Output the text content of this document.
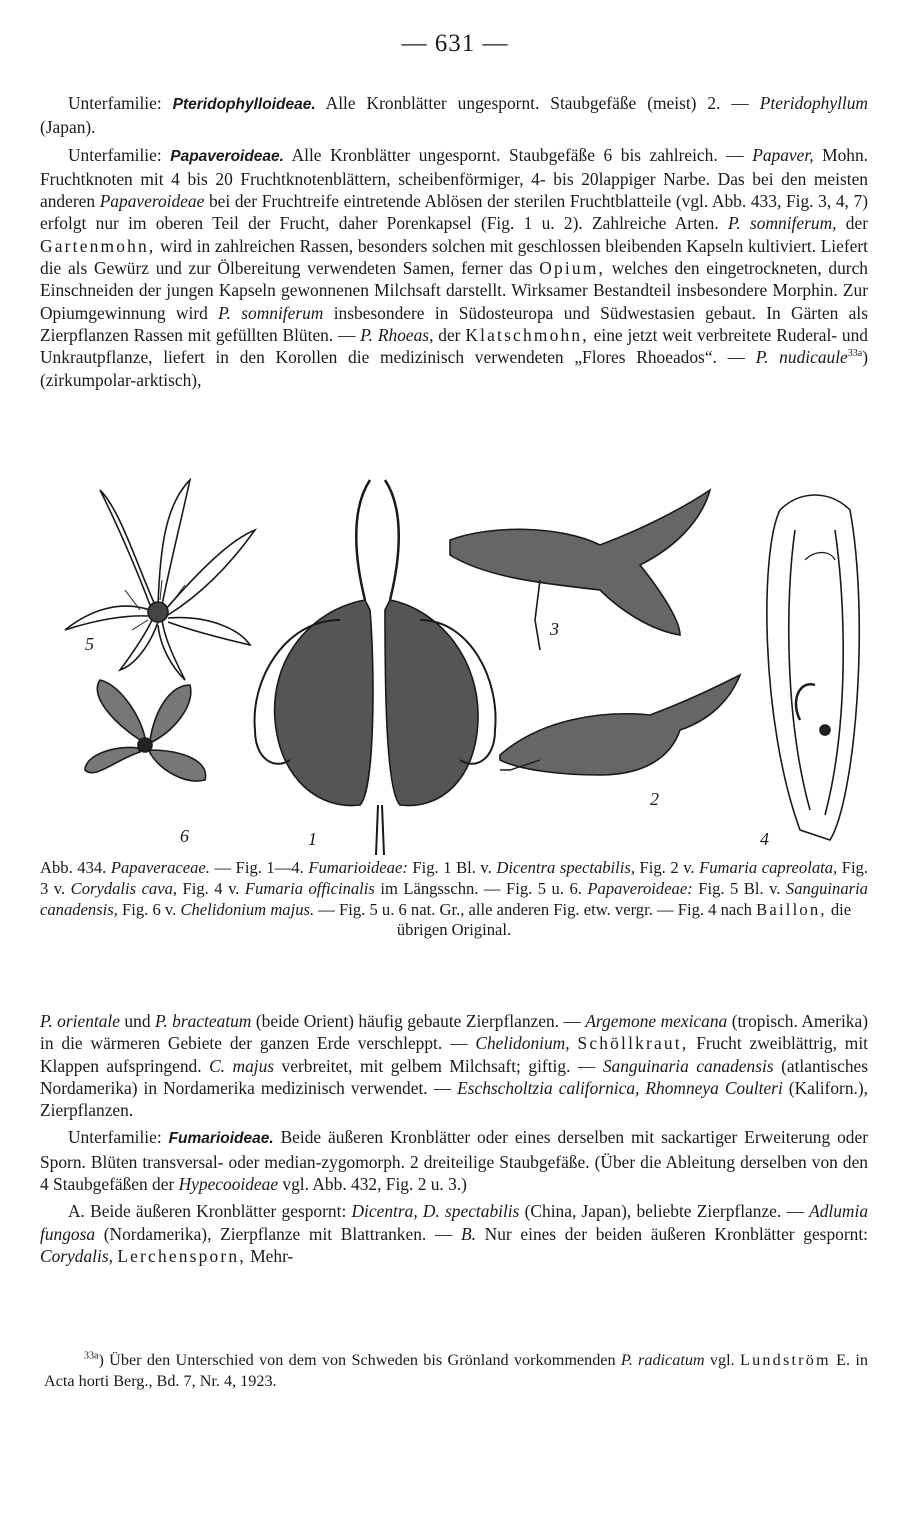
— 631 —

Unterfamilie: Pteridophylloideae. Alle Kronblätter ungespornt. Staubgefäße (meist) 2. — Pteridophyllum (Japan).

Unterfamilie: Papaveroideae. Alle Kronblätter ungespornt. Staubgefäße 6 bis zahlreich. — Papaver, Mohn. Fruchtknoten mit 4 bis 20 Fruchtknotenblättern, scheibenförmiger, 4- bis 20lappiger Narbe. Das bei den meisten anderen Papaveroideae bei der Fruchtreife eintretende Ablösen der sterilen Fruchtblatteile (vgl. Abb. 433, Fig. 3, 4, 7) erfolgt nur im oberen Teil der Frucht, daher Porenkapsel (Fig. 1 u. 2). Zahlreiche Arten. P. somniferum, der Gartenmohn, wird in zahlreichen Rassen, besonders solchen mit geschlossen bleibenden Kapseln kultiviert. Liefert die als Gewürz und zur Ölbereitung verwendeten Samen, ferner das Opium, welches den eingetrockneten, durch Einschneiden der jungen Kapseln gewonnenen Milchsaft darstellt. Wirksamer Bestandteil insbesondere Morphin. Zur Opiumgewinnung wird P. somniferum insbesondere in Südosteuropa und Südwestasien gebaut. In Gärten als Zierpflanzen Rassen mit gefüllten Blüten. — P. Rhoeas, der Klatschmohn, eine jetzt weit verbreitete Ruderal- und Unkrautpflanze, liefert in den Korollen die medizinisch verwendeten „Flores Rhoeados“. — P. nudicaule$^{33a}$) (zirkumpolar-arktisch),

5
6	1
3
2
4
Abb. 434. Papaveraceae. — Fig. 1—4. Fumarioideae: Fig. 1 Bl. v. Dicentra spectabilis, Fig. 2 v. Fumaria capreolata, Fig. 3 v. Corydalis cava, Fig. 4 v. Fumaria officinalis im Längsschn. — Fig. 5 u. 6. Papaveroideae: Fig. 5 Bl. v. Sanguinaria canadensis, Fig. 6 v. Chelidonium majus. — Fig. 5 u. 6 nat. Gr., alle anderen Fig. etw. vergr. — Fig. 4 nach Baillon, die
übrigen Original.

P. orientale und P. bracteatum (beide Orient) häufig gebaute Zierpflanzen. — Argemone mexicana (tropisch. Amerika) in die wärmeren Gebiete der ganzen Erde verschleppt. — Chelidonium, Schöllkraut, Frucht zweiblättrig, mit Klappen aufspringend. C. majus verbreitet, mit gelbem Milchsaft; giftig. — Sanguinaria canadensis (atlantisches Nordamerika) in Nordamerika medizinisch verwendet. — Eschscholtzia californica, Rhomneya Coulteri (Kaliforn.), Zierpflanzen.

Unterfamilie: Fumarioideae. Beide äußeren Kronblätter oder eines derselben mit sackartiger Erweiterung oder Sporn. Blüten transversal- oder median-zygomorph. 2 dreiteilige Staubgefäße. (Über die Ableitung derselben von den 4 Staubgefäßen der Hypecooideae vgl. Abb. 432, Fig. 2 u. 3.)

A. Beide äußeren Kronblätter gespornt: Dicentra, D. spectabilis (China, Japan), beliebte Zierpflanze. — Adlumia fungosa (Nordamerika), Zierpflanze mit Blattranken. — B. Nur eines der beiden äußeren Kronblätter gespornt: Corydalis, Lerchensporn, Mehr-

$^{33a}$) Über den Unterschied von dem von Schweden bis Grönland vorkommenden P. radicatum vgl. Lundström E. in Acta horti Berg., Bd. 7, Nr. 4, 1923.
